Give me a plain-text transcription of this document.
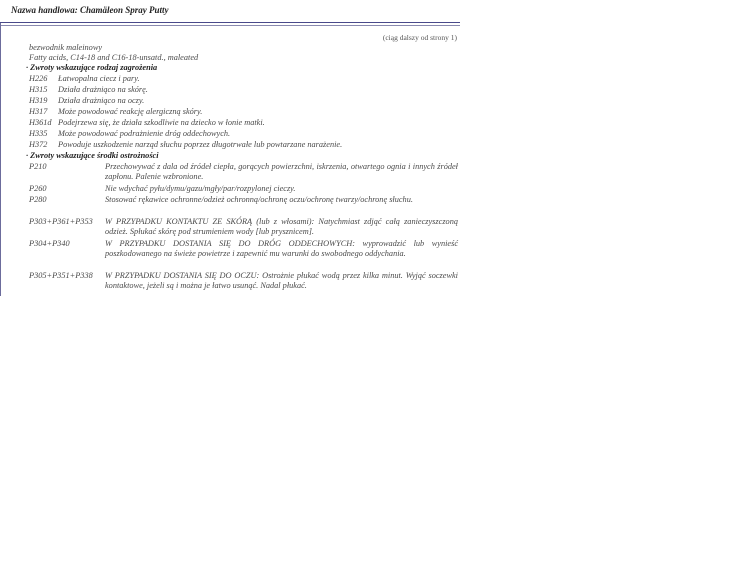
Nazwa handlowa: Chamäleon Spray Putty
(ciąg dalszy od strony 1)
bezwodnik maleinowy
Fatty acids, C14-18 and C16-18-unsatd., maleated
· Zwroty wskazujące rodzaj zagrożenia
H226 Łatwopalna ciecz i pary.
H315 Działa drażniąco na skórę.
H319 Działa drażniąco na oczy.
H317 Może powodować reakcję alergiczną skóry.
H361d Podejrzewa się, że działa szkodliwie na dziecko w łonie matki.
H335 Może powodować podrażnienie dróg oddechowych.
H372 Powoduje uszkodzenie narząd słuchu poprzez długotrwałe lub powtarzane narażenie.
· Zwroty wskazujące środki ostrożności
P210	Przechowywać z dala od źródeł ciepła, gorących powierzchni, iskrzenia, otwartego ognia i innych źródeł zapłonu. Palenie wzbronione.
P260	Nie wdychać pyłu/dymu/gazu/mgły/par/rozpylonej cieczy.
P280	Stosować rękawice ochronne/odzież ochronną/ochronę oczu/ochronę twarzy/ochronę słuchu.
P303+P361+P353 W PRZYPADKU KONTAKTU ZE SKÓRĄ (lub z włosami): Natychmiast zdjąć całą zanieczyszczoną odzież. Spłukać skórę pod strumieniem wody [lub prysznicem].
P304+P340	W PRZYPADKU DOSTANIA SIĘ DO DRÓG ODDECHOWYCH: wyprowadzić lub wynieść poszkodowanego na świeże powietrze i zapewnić mu warunki do swobodnego oddychania.
P305+P351+P338 W PRZYPADKU DOSTANIA SIĘ DO OCZU: Ostrożnie płukać wodą przez kilka minut. Wyjąć soczewki kontaktowe, jeżeli są i można je łatwo usunąć. Nadal płukać.
